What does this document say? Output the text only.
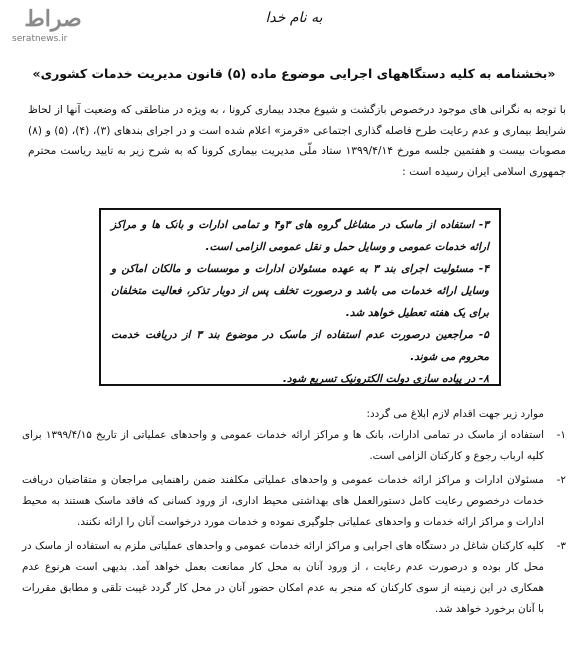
صراط
seratnews.ir
به نام خدا
«بخشنامه به کلیه دستگاههای اجرایی موضوع ماده (۵) قانون مدیریت خدمات کشوری»
با توجه به نگرانی های موجود درخصوص بازگشت و شیوع مجدد بیماری کرونا ، به ویژه در مناطقی که وضعیت آنها از لحاظ شرایط بیماری و عدم رعایت طرح فاصله گذاری اجتماعی «قرمز» اعلام شده است و در اجرای بندهای (۳)، (۴)، (۵) و (۸) مصوبات بیست و هفتمین جلسه مورخ ۱۳۹۹/۴/۱۴ ستاد ملّی مدیریت بیماری کرونا که به شرح زیر به تایید ریاست محترم جمهوری اسلامی ایران رسیده است :

۳- استفاده از ماسک در مشاغل گروه های ۳و۴ و تمامی ادارات و بانک ها و مراکز ارائه خدمات عمومی و وسایل حمل و نقل عمومی الزامی است.

۴- مسئولیت اجرای بند ۳ به عهده مسئولان ادارات و موسسات و مالکان اماکن و وسایل ارائه خدمات می باشد و درصورت تخلف پس از دوبار تذکر، فعالیت متخلفان برای یک هفته تعطیل خواهد شد.

۵- مراجعین درصورت عدم استفاده از ماسک در موضوع بند ۳ از دریافت خدمت محروم می شوند.

۸- در پیاده سازی دولت الکترونیک تسریع شود.

موارد زیر جهت اقدام لازم ابلاغ می گردد:

۱-
استفاده از ماسک در تمامی ادارات، بانک ها و مراکز ارائه خدمات عمومی و واحدهای عملیاتی از تاریخ ۱۳۹۹/۴/۱۵ برای کلیه ارباب رجوع و کارکنان الزامی است.
۲-
مسئولان ادارات و مراکز ارائه خدمات عمومی و واحدهای عملیاتی مکلفند ضمن راهنمایی مراجعان و متقاضیان دریافت خدمات درخصوص رعایت کامل دستورالعمل های بهداشتی محیط اداری، از ورود کسانی که فاقد ماسک هستند به محیط ادارات و مراکز ارائه خدمات و واحدهای عملیاتی جلوگیری نموده و خدمات مورد درخواست آنان را ارائه نکنند.
۳-
کلیه کارکنان شاغل در دستگاه های اجرایی و مراکز ارائه خدمات عمومی و واحدهای عملیاتی ملزم به استفاده از ماسک در محل کار بوده و درصورت عدم رعایت ، از ورود آنان به محل کار ممانعت بعمل خواهد آمد. بدیهی است هرنوع عدم همکاری در این زمینه از سوی کارکنان که منجر به عدم امکان حضور آنان در محل کار گردد غیبت تلقی و مطابق مقررات با آنان برخورد خواهد شد.
